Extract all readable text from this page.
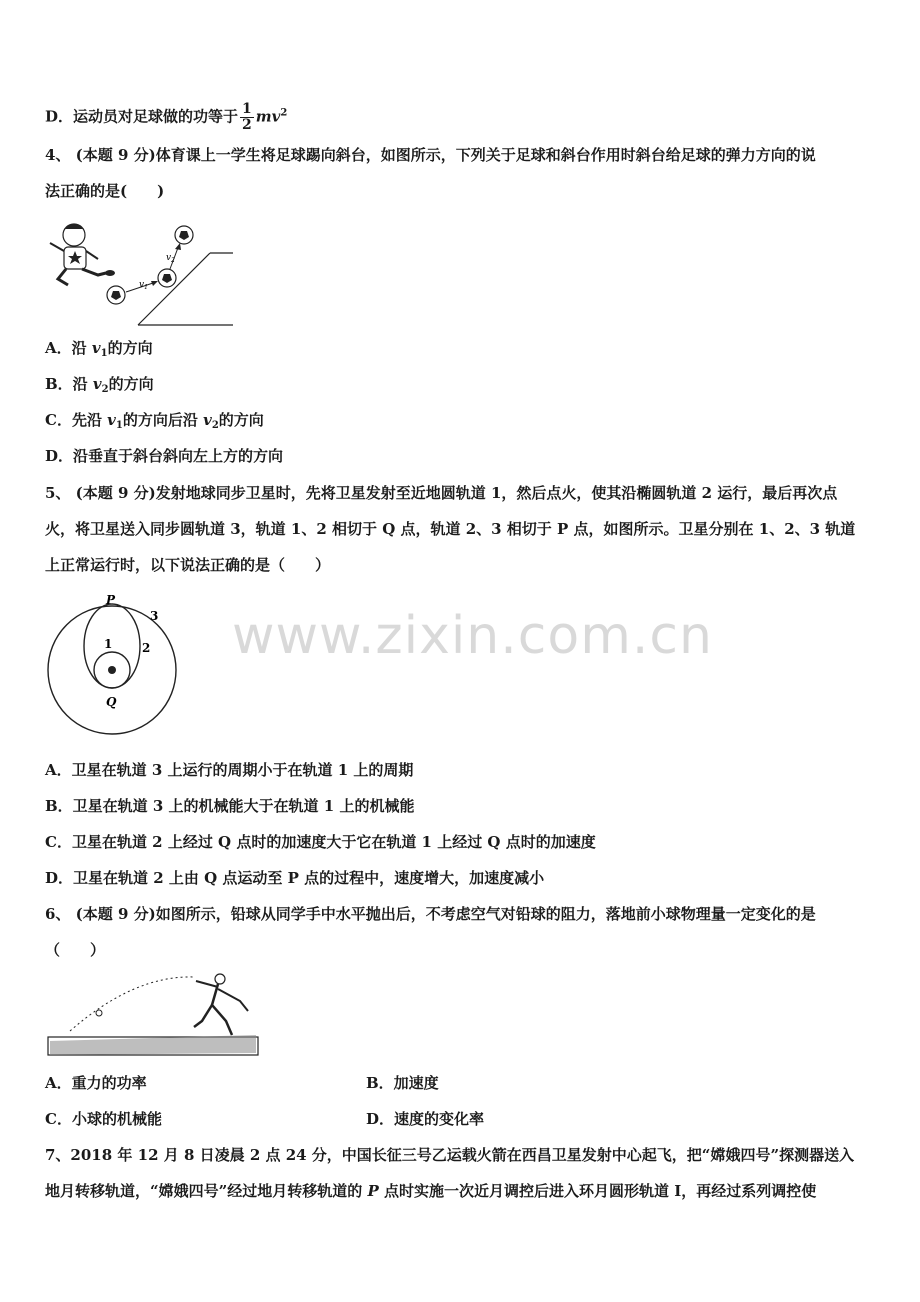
D．运动员对足球做的功等于 $\frac{1}{2} mv^2$
4、 (本题 9 分)体育课上一学生将足球踢向斜台，如图所示，下列关于足球和斜台作用时斜台给足球的弹力方向的说
法正确的是(　　)
$v_1$
$v_2$
A．沿 $v_1$的方向
B．沿 $v_2$的方向
C．先沿 $v_1$的方向后沿 $v_2$的方向
D．沿垂直于斜台斜向左上方的方向
5、 (本题 9 分)发射地球同步卫星时，先将卫星发射至近地圆轨道 1，然后点火，使其沿椭圆轨道 2 运行，最后再次点
火，将卫星送入同步圆轨道 3，轨道 1、2 相切于 Q 点，轨道 2、3 相切于 P 点，如图所示。卫星分别在 1、2、3 轨道
上正常运行时，以下说法正确的是（　　）
P
Q
1 2
3 www.zixin.com.cn
A．卫星在轨道 3 上运行的周期小于在轨道 1 上的周期
B．卫星在轨道 3 上的机械能大于在轨道 1 上的机械能
C．卫星在轨道 2 上经过 Q 点时的加速度大于它在轨道 1 上经过 Q 点时的加速度
D．卫星在轨道 2 上由 Q 点运动至 P 点的过程中，速度增大，加速度减小
6、 (本题 9 分)如图所示，铅球从同学手中水平抛出后，不考虑空气对铅球的阻力，落地前小球物理量一定变化的是
（　　）
A．重力的功率	B．加速度
C．小球的机械能	D．速度的变化率
7、2018 年 12 月 8 日凌晨 2 点 24 分，中国长征三号乙运载火箭在西昌卫星发射中心起飞，把“嫦娥四号”探测器送入
地月转移轨道，“嫦娥四号”经过地月转移轨道的 P 点时实施一次近月调控后进入环月圆形轨道 I，再经过系列调控使
